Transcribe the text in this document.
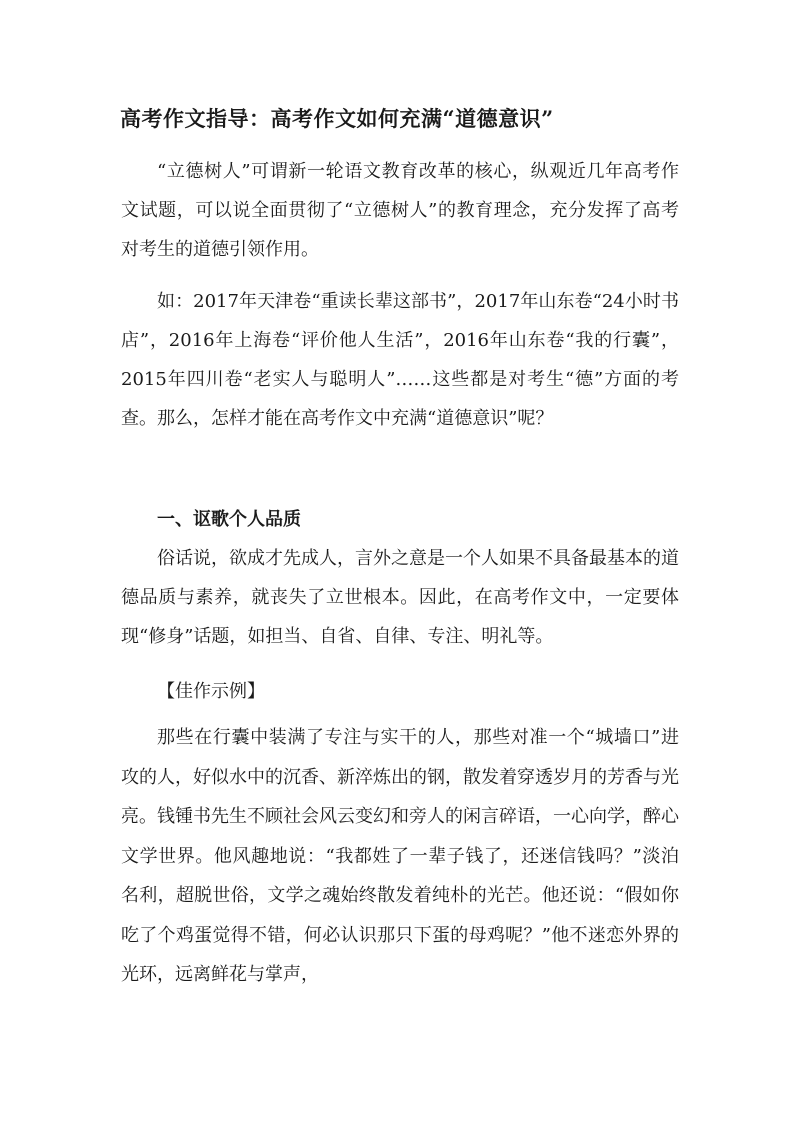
高考作文指导：高考作文如何充满“道德意识”
“立德树人”可谓新一轮语文教育改革的核心，纵观近几年高考作文试题，可以说全面贯彻了“立德树人”的教育理念，充分发挥了高考对考生的道德引领作用。
如：2017年天津卷“重读长辈这部书”，2017年山东卷“24小时书店”，2016年上海卷“评价他人生活”，2016年山东卷“我的行囊”，2015年四川卷“老实人与聪明人”……这些都是对考生“德”方面的考查。那么，怎样才能在高考作文中充满“道德意识”呢？
一、讴歌个人品质
俗话说，欲成才先成人，言外之意是一个人如果不具备最基本的道德品质与素养，就丧失了立世根本。因此，在高考作文中，一定要体现“修身”话题，如担当、自省、自律、专注、明礼等。
【佳作示例】
那些在行囊中装满了专注与实干的人，那些对准一个“城墙口”进攻的人，好似水中的沉香、新淬炼出的钢，散发着穿透岁月的芳香与光亮。钱锺书先生不顾社会风云变幻和旁人的闲言碎语，一心向学，醉心文学世界。他风趣地说：“我都姓了一辈子钱了，还迷信钱吗？”淡泊名利，超脱世俗，文学之魂始终散发着纯朴的光芒。他还说：“假如你吃了个鸡蛋觉得不错，何必认识那只下蛋的母鸡呢？”他不迷恋外界的光环，远离鲜花与掌声，
